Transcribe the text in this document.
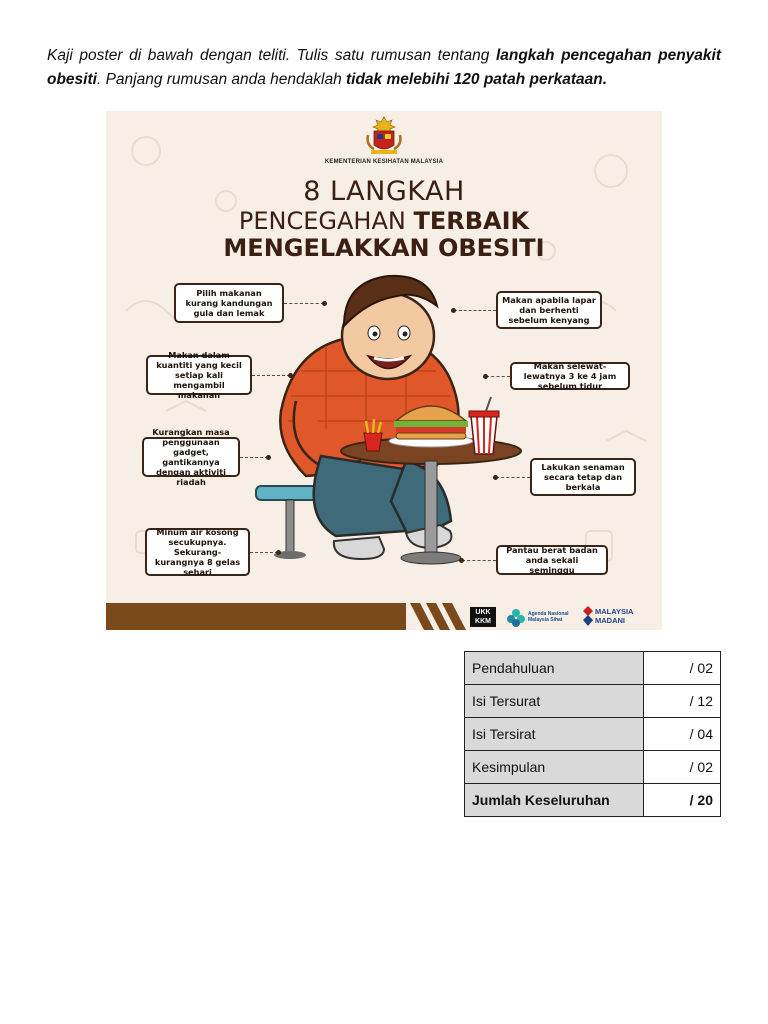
Kaji poster di bawah dengan teliti. Tulis satu rumusan tentang langkah pencegahan penyakit obesiti. Panjang rumusan anda hendaklah tidak melebihi 120 patah perkataan.

KEMENTERIAN KESIHATAN MALAYSIA
8 LANGKAH
PENCEGAHAN TERBAIK
MENGELAKKAN OBESITI
Pilih makanan kurang kandungan gula dan lemak
Makan dalam kuantiti yang kecil setiap kali mengambil makanan
Kurangkan masa penggunaan gadget, gantikannya dengan aktiviti riadah
Minum air kosong secukupnya. Sekurang-kurangnya 8 gelas sehari
Makan apabila lapar dan berhenti sebelum kenyang
Makan selewat-lewatnya 3 ke 4 jam sebelum tidur
Lakukan senaman secara tetap dan berkala
Pantau berat badan anda sekali seminggu
UKK
KKM
Agenda Nasional
Malaysia Sihat
MALAYSIA
MADANI
Pendahuluan	/ 02
Isi Tersurat	/ 12
Isi Tersirat	/ 04
Kesimpulan	/ 02
Jumlah Keseluruhan	/ 20
